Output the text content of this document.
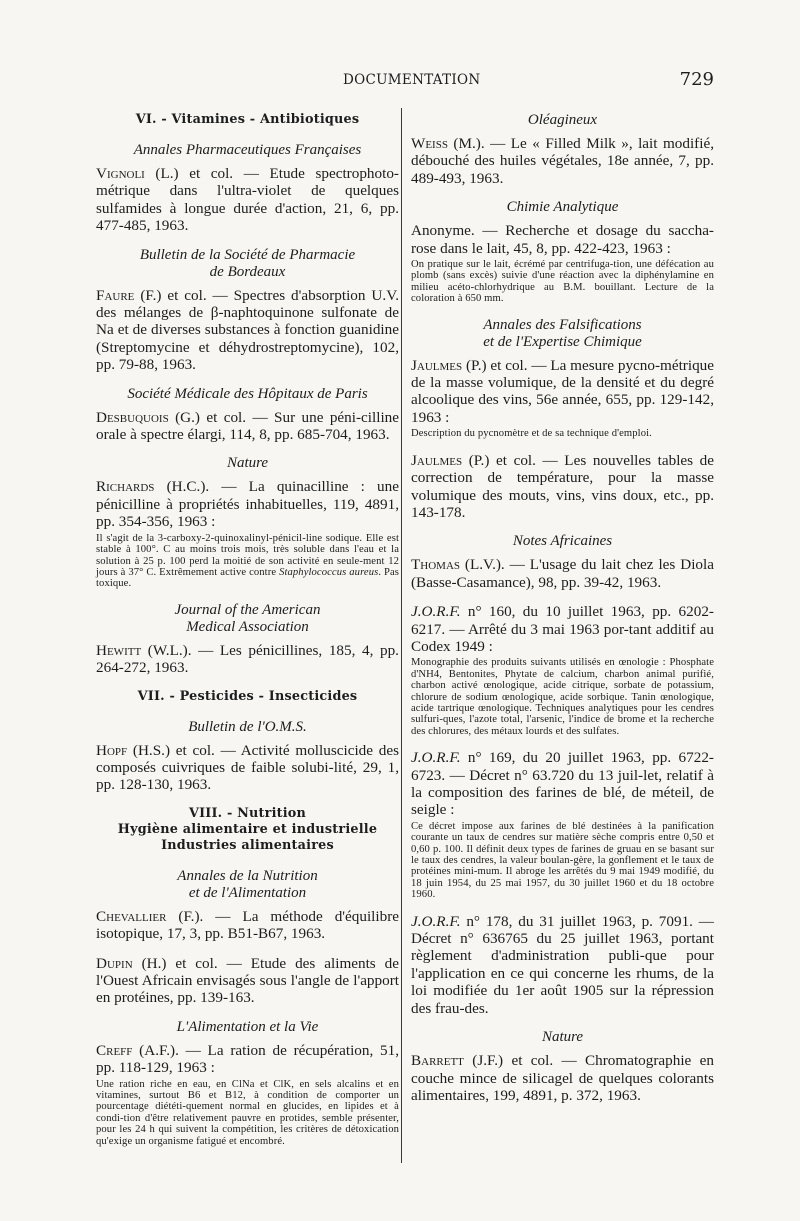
DOCUMENTATION	729
VI. - Vitamines - Antibiotiques
Annales Pharmaceutiques Françaises

Vignoli (L.) et col. — Etude spectrophoto-métrique dans l'ultra-violet de quelques sulfamides à longue durée d'action, 21, 6, pp. 477-485, 1963.

Bulletin de la Société de Pharmacie
de Bordeaux

Faure (F.) et col. — Spectres d'absorption U.V. des mélanges de β-naphtoquinone sulfonate de Na et de diverses substances à fonction guanidine (Streptomycine et déhydrostreptomycine), 102, pp. 79-88, 1963.

Société Médicale des Hôpitaux de Paris

Desbuquois (G.) et col. — Sur une péni-cilline orale à spectre élargi, 114, 8, pp. 685-704, 1963.

Nature

Richards (H.C.). — La quinacilline : une pénicilline à propriétés inhabituelles, 119, 4891, pp. 354-356, 1963 :
Il s'agit de la 3-carboxy-2-quinoxalinyl-pénicil-line sodique. Elle est stable à 100°. C au moins trois mois, très soluble dans l'eau et la solution à 25 p. 100 perd la moitié de son activité en seule-ment 12 jours à 37° C. Extrêmement active contre Staphylococcus aureus. Pas toxique.

Journal of the American
Medical Association

Hewitt (W.L.). — Les pénicillines, 185, 4, pp. 264-272, 1963.

VII. - Pesticides - Insecticides
Bulletin de l'O.M.S.

Hopf (H.S.) et col. — Activité molluscicide des composés cuivriques de faible solubi-lité, 29, 1, pp. 128-130, 1963.

VIII. - Nutrition
Hygiène alimentaire et industrielle
Industries alimentaires
Annales de la Nutrition
et de l'Alimentation

Chevallier (F.). — La méthode d'équilibre isotopique, 17, 3, pp. B51-B67, 1963.

Dupin (H.) et col. — Etude des aliments de l'Ouest Africain envisagés sous l'angle de l'apport en protéines, pp. 139-163.

L'Alimentation et la Vie

Creff (A.F.). — La ration de récupération, 51, pp. 118-129, 1963 :
Une ration riche en eau, en ClNa et ClK, en sels alcalins et en vitamines, surtout B6 et B12, à condition de comporter un pourcentage diététi-quement normal en glucides, en lipides et à condi-tion d'être relativement pauvre en protides, semble présenter, pour les 24 h qui suivent la compétition, les critères de détoxication qu'exige un organisme fatigué et encombré.

Oléagineux

Weiss (M.). — Le « Filled Milk », lait modifié, débouché des huiles végétales, 18e année, 7, pp. 489-493, 1963.

Chimie Analytique

Anonyme. — Recherche et dosage du saccha-rose dans le lait, 45, 8, pp. 422-423, 1963 :
On pratique sur le lait, écrémé par centrifuga-tion, une défécation au plomb (sans excès) suivie d'une réaction avec la diphénylamine en milieu acéto-chlorhydrique au B.M. bouillant. Lecture de la coloration à 650 mm.

Annales des Falsifications
et de l'Expertise Chimique

Jaulmes (P.) et col. — La mesure pycno-métrique de la masse volumique, de la densité et du degré alcoolique des vins, 56e année, 655, pp. 129-142, 1963 :
Description du pycnomètre et de sa technique d'emploi.

Jaulmes (P.) et col. — Les nouvelles tables de correction de température, pour la masse volumique des mouts, vins, vins doux, etc., pp. 143-178.

Notes Africaines

Thomas (L.V.). — L'usage du lait chez les Diola (Basse-Casamance), 98, pp. 39-42, 1963.

J.O.R.F. n° 160, du 10 juillet 1963, pp. 6202-6217. — Arrêté du 3 mai 1963 por-tant additif au Codex 1949 :
Monographie des produits suivants utilisés en œnologie : Phosphate d'NH4, Bentonites, Phytate de calcium, charbon animal purifié, charbon activé œnologique, acide citrique, sorbate de potassium, chlorure de sodium œnologique, acide sorbique. Tanin œnologique, acide tartrique œnologique. Techniques analytiques pour les cendres sulfuri-ques, l'azote total, l'arsenic, l'indice de brome et la recherche des chlorures, des métaux lourds et des sulfates.

J.O.R.F. n° 169, du 20 juillet 1963, pp. 6722-6723. — Décret n° 63.720 du 13 juil-let, relatif à la composition des farines de blé, de méteil, de seigle :
Ce décret impose aux farines de blé destinées à la panification courante un taux de cendres sur matière sèche compris entre 0,50 et 0,60 p. 100. Il définit deux types de farines de gruau en se basant sur le taux des cendres, la valeur boulan-gère, la gonflement et le taux de protéines mini-mum. Il abroge les arrêtés du 9 mai 1949 modifié, du 18 juin 1954, du 25 mai 1957, du 30 juillet 1960 et du 18 octobre 1960.

J.O.R.F. n° 178, du 31 juillet 1963, p. 7091. — Décret n° 636765 du 25 juillet 1963, portant règlement d'administration publi-que pour l'application en ce qui concerne les rhums, de la loi modifiée du 1er août 1905 sur la répression des frau-des.

Nature

Barrett (J.F.) et col. — Chromatographie en couche mince de silicagel de quelques colorants alimentaires, 199, 4891, p. 372, 1963.
